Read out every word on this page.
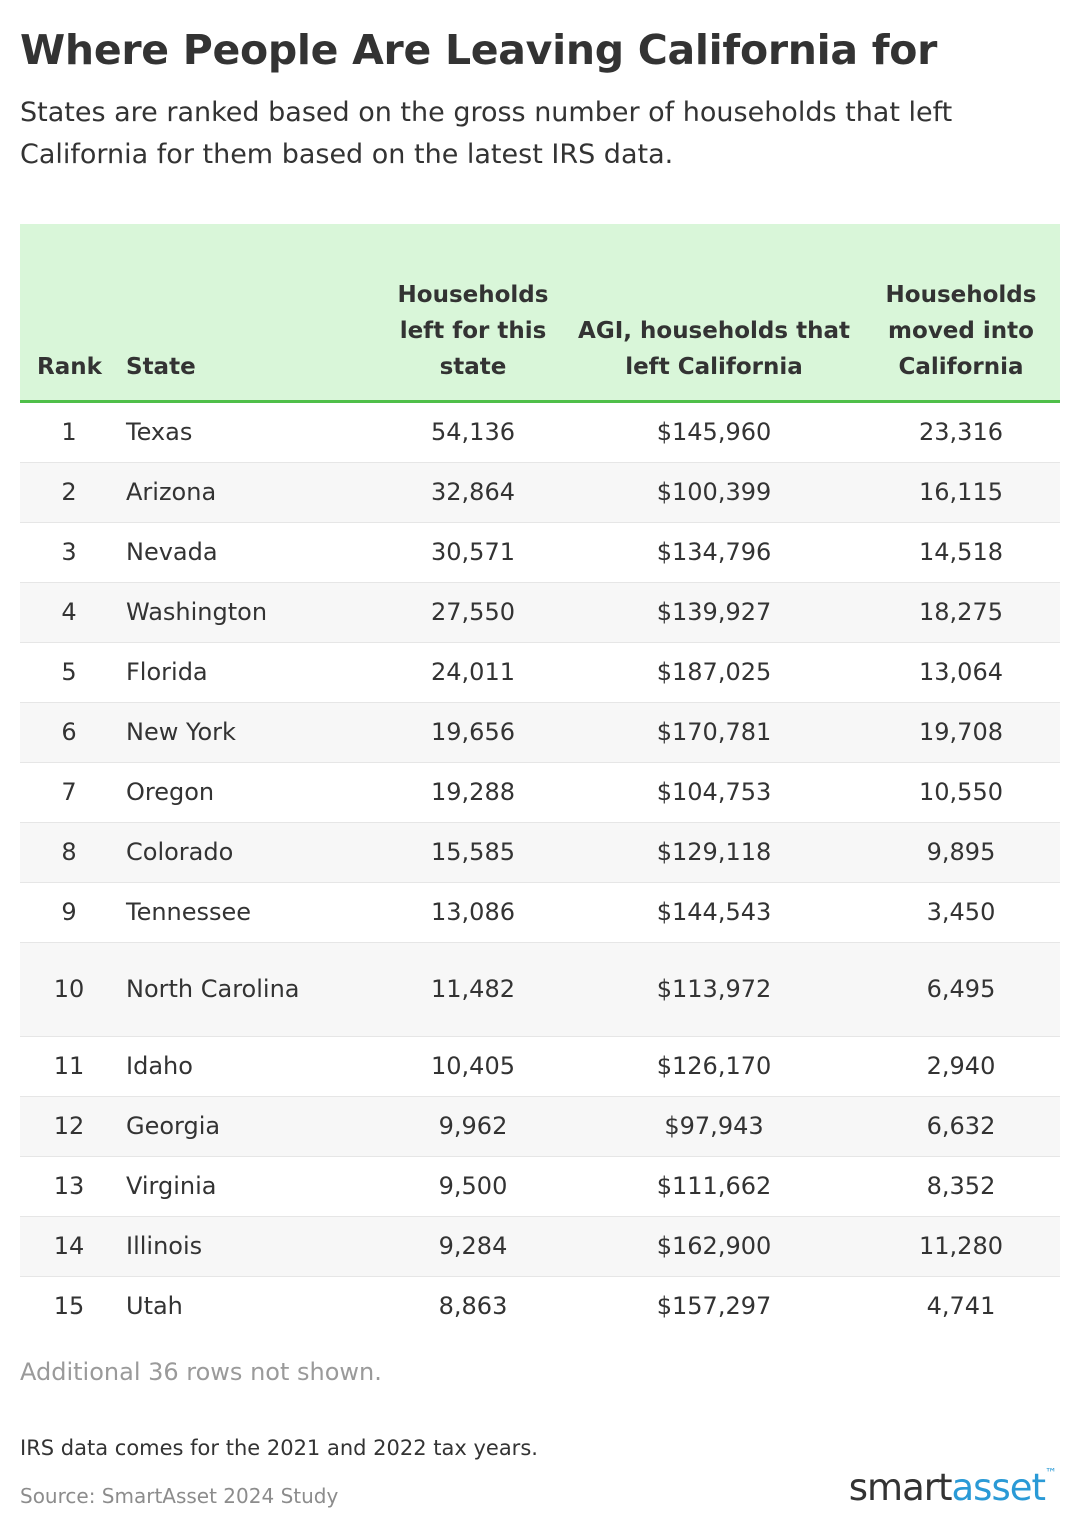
Where People Are Leaving California for

States are ranked based on the gross number of households that left California for them based on the latest IRS data.

Rank	State	Households left for this state	AGI, households that left California	Households moved into California
1	Texas	54,136	$145,960	23,316
2	Arizona	32,864	$100,399	16,115
3	Nevada	30,571	$134,796	14,518
4	Washington	27,550	$139,927	18,275
5	Florida	24,011	$187,025	13,064
6	New York	19,656	$170,781	19,708
7	Oregon	19,288	$104,753	10,550
8	Colorado	15,585	$129,118	9,895
9	Tennessee	13,086	$144,543	3,450
10	North Carolina	11,482	$113,972	6,495
11	Idaho	10,405	$126,170	2,940
12	Georgia	9,962	$97,943	6,632
13	Virginia	9,500	$111,662	8,352
14	Illinois	9,284	$162,900	11,280
15	Utah	8,863	$157,297	4,741

Additional 36 rows not shown.

IRS data comes for the 2021 and 2022 tax years.

Source: SmartAsset 2024 Study	smartasset™
